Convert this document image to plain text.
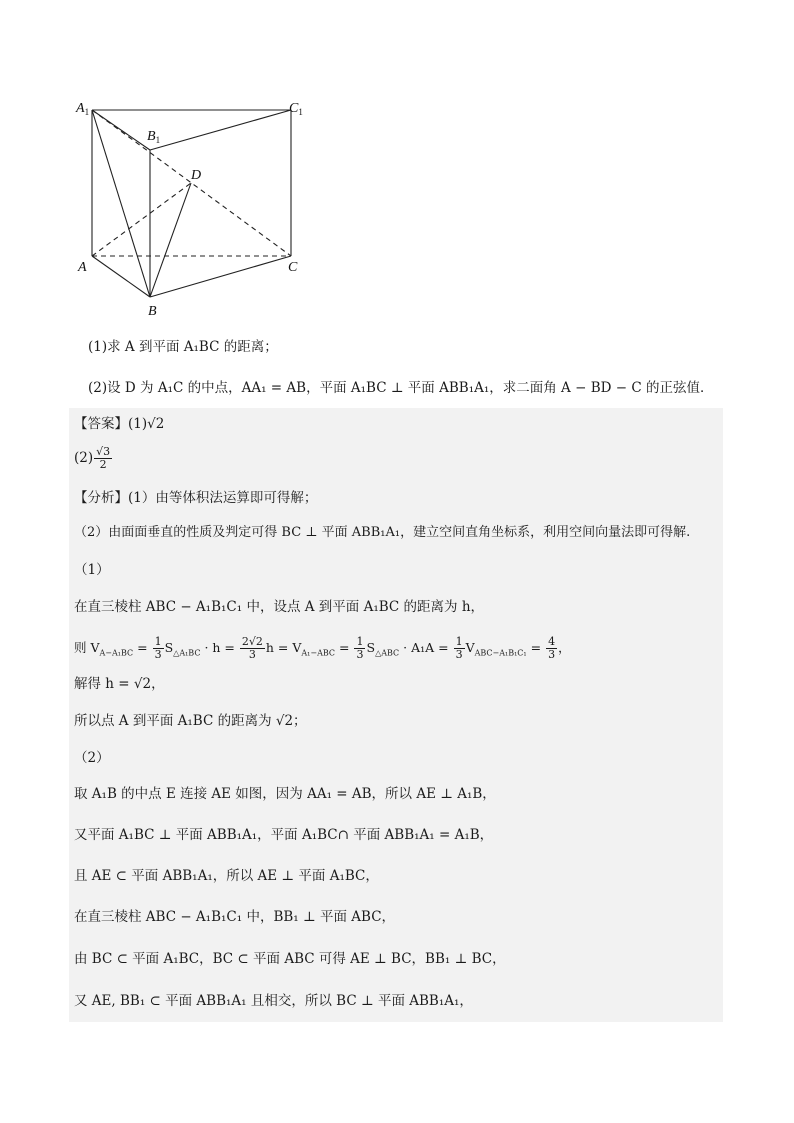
$A_1$
$B_1$
$C_1$
D
A
B
C
(1)求 A 到平面 A₁BC 的距离；
(2)设 D 为 A₁C 的中点，AA₁ = AB，平面 A₁BC ⊥ 平面 ABB₁A₁，求二面角 A − BD − C 的正弦值．
【答案】(1)√2
$(2) \frac{√3}{2}$
【分析】(1）由等体积法运算即可得解；
（2）由面面垂直的性质及判定可得 BC ⊥ 平面 ABB₁A₁，建立空间直角坐标系，利用空间向量法即可得解.
（1）
在直三棱柱 ABC − A₁B₁C₁ 中，设点 A 到平面 A₁BC 的距离为 h，
则 $V_{A-A_1BC} = \frac{1}{3} S_{\triangle A_1BC} \cdot h = \frac{2√2}{3}$ $h = V_{A_1-ABC} = \frac{1}{3} S_{\triangle ABC} \cdot A_1A = \frac{1}{3} V_{ABC-A_1B_1C_1} = \frac{4}{3}$ ，
解得 h = √2，
所以点 A 到平面 A₁BC 的距离为 √2；
（2）
取 A₁B 的中点 E 连接 AE 如图，因为 AA₁ = AB，所以 AE ⊥ A₁B，
又平面 A₁BC ⊥ 平面 ABB₁A₁，平面 A₁BC∩ 平面 ABB₁A₁ = A₁B，
且 AE ⊂ 平面 ABB₁A₁，所以 AE ⊥ 平面 A₁BC，
在直三棱柱 ABC − A₁B₁C₁ 中，BB₁ ⊥ 平面 ABC，
由 BC ⊂ 平面 A₁BC，BC ⊂ 平面 ABC 可得 AE ⊥ BC，BB₁ ⊥ BC，
又 AE, BB₁ ⊂ 平面 ABB₁A₁ 且相交，所以 BC ⊥ 平面 ABB₁A₁，
